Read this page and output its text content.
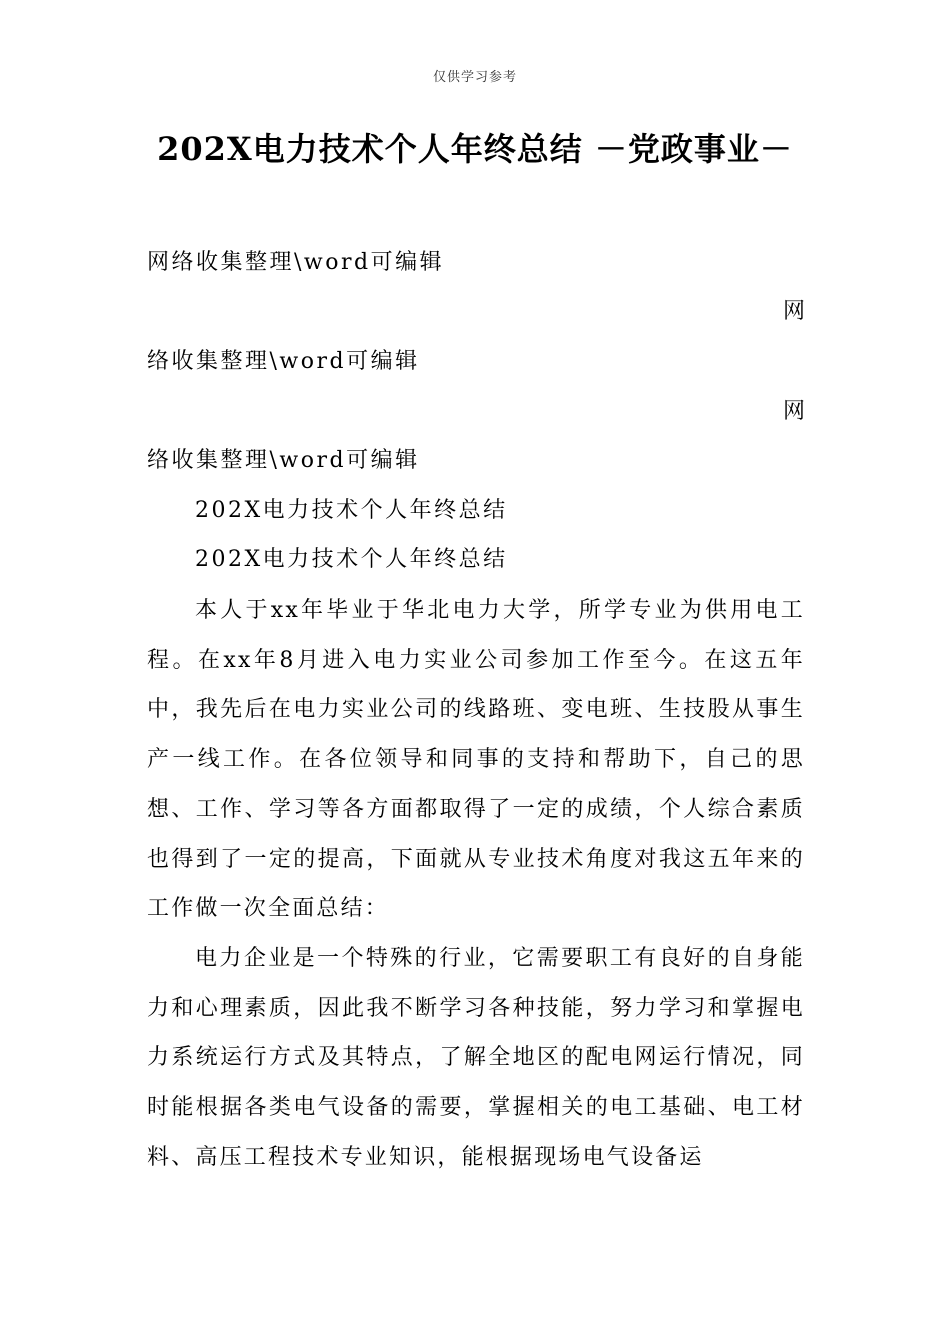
仅供学习参考
202X电力技术个人年终总结 －党政事业－
网络收集整理\word可编辑
网
络收集整理\word可编辑
网
络收集整理\word可编辑
202X电力技术个人年终总结
202X电力技术个人年终总结

本人于xx年毕业于华北电力大学，所学专业为供用电工程。在xx年8月进入电力实业公司参加工作至今。在这五年中，我先后在电力实业公司的线路班、变电班、生技股从事生产一线工作。在各位领导和同事的支持和帮助下，自己的思想、工作、学习等各方面都取得了一定的成绩，个人综合素质也得到了一定的提高，下面就从专业技术角度对我这五年来的工作做一次全面总结：

电力企业是一个特殊的行业，它需要职工有良好的自身能力和心理素质，因此我不断学习各种技能，努力学习和掌握电力系统运行方式及其特点，了解全地区的配电网运行情况，同时能根据各类电气设备的需要，掌握相关的电工基础、电工材料、高压工程技术专业知识，能根据现场电气设备运
